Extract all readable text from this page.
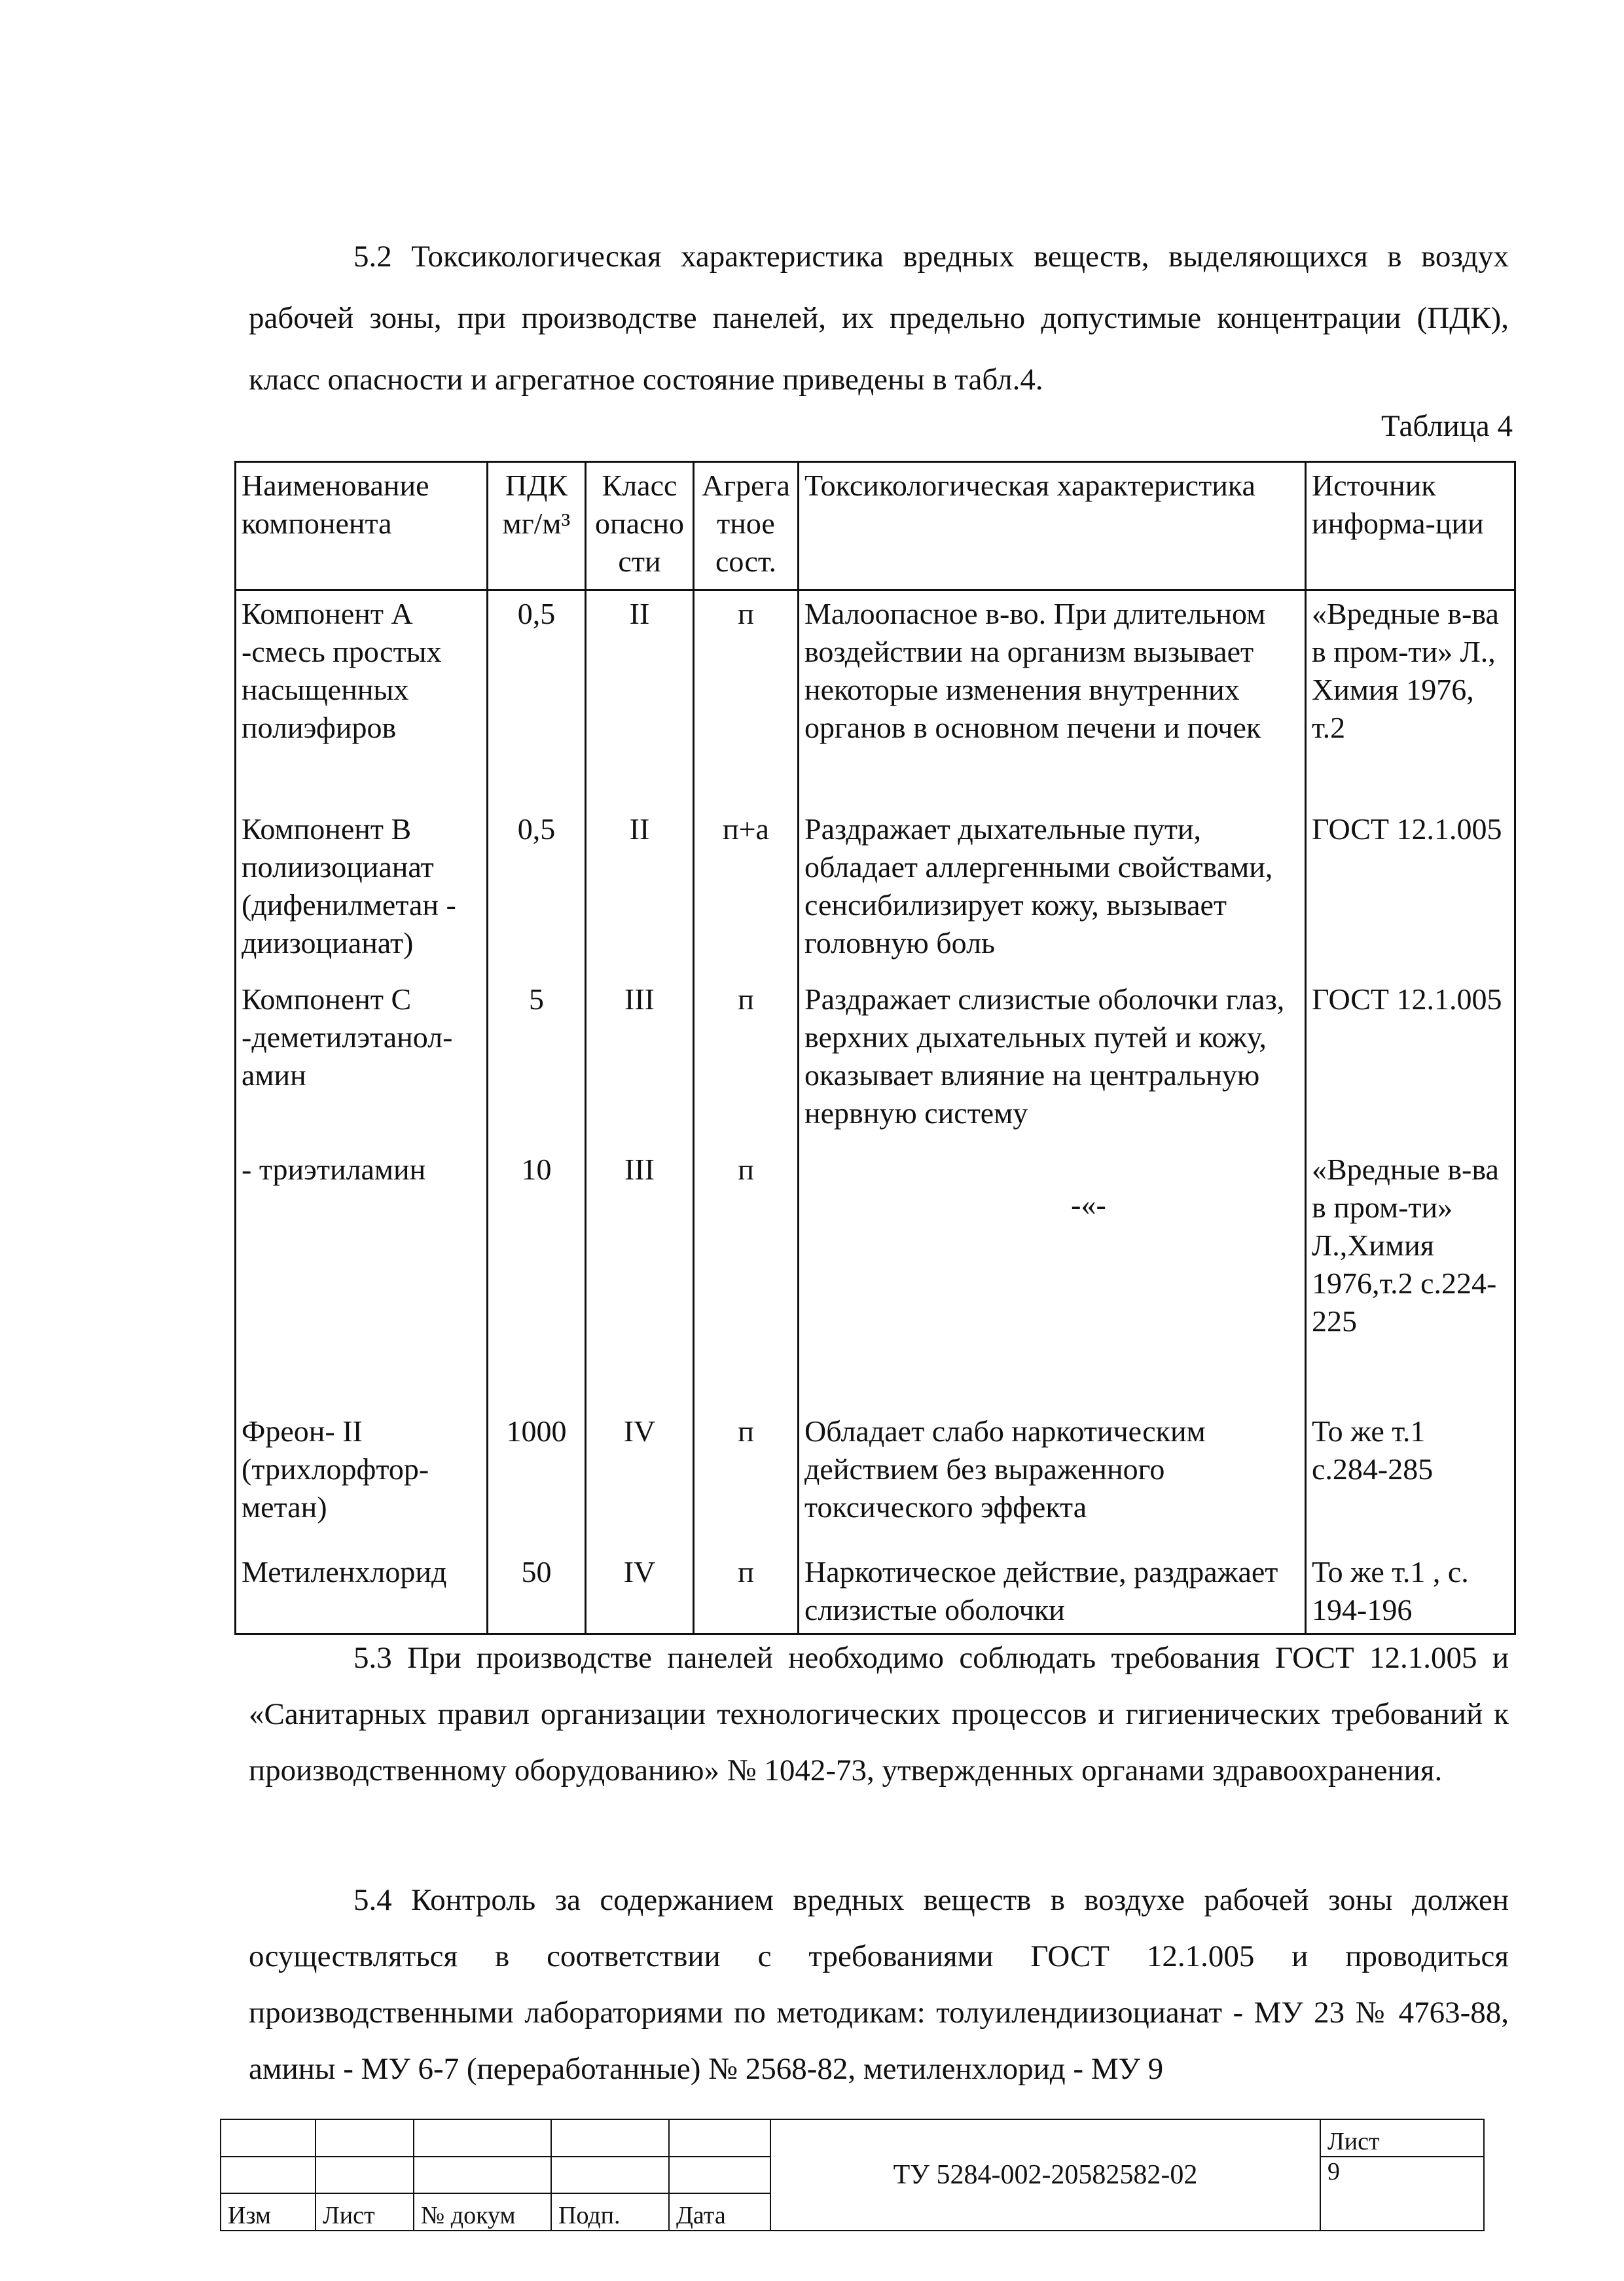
5.2 Токсикологическая характеристика вредных веществ, выделяющихся в воздух рабочей зоны, при производстве панелей, их предельно допустимые концентрации (ПДК), класс опасности и агрегатное состояние приведены в табл.4.
Таблица 4
Наименование компонента	ПДК мг/м³	Класс опасно сти	Агрега тное сост.	Токсикологическая характеристика	Источник информа-ции
Компонент А -смесь простых насыщенных полиэфиров	0,5	II	п	Малоопасное в-во. При длительном воздействии на организм вызывает некоторые изменения внутренних органов в основном печени и почек	«Вредные в-ва в пром-ти» Л., Химия 1976, т.2
Компонент В полиизоцианат (дифенилметан - диизоцианат)	0,5	II	п+а	Раздражает дыхательные пути, обладает аллергенными свойствами, сенсибилизирует кожу, вызывает головную боль	ГОСТ 12.1.005
Компонент С -деметилэтанол-амин	5	III	п	Раздражает слизистые оболочки глаз, верхних дыхательных путей и кожу, оказывает влияние на центральную нервную систему	ГОСТ 12.1.005
- триэтиламин	10	III	п	-«-	«Вредные в-ва в пром-ти» Л.,Химия 1976,т.2 с.224-225
Фреон- II (трихлорфтор-метан)	1000	IV	п	Обладает слабо наркотическим действием без выраженного токсического эффекта	То же т.1 с.284-285
Метиленхлорид	50	IV	п	Наркотическое действие, раздражает слизистые оболочки	То же т.1 , с. 194-196
5.3 При производстве панелей необходимо соблюдать требования ГОСТ 12.1.005 и «Санитарных правил организации технологических процессов и гигиенических требований к производственному оборудованию» № 1042-73, утвержденных органами здравоохранения.
5.4 Контроль за содержанием вредных веществ в воздухе рабочей зоны должен осуществляться в соответствии с требованиями ГОСТ 12.1.005 и проводиться производственными лабораториями по методикам: толуилендиизоцианат - МУ 23 № 4763-88, амины - МУ 6-7 (переработанные) № 2568-82, метиленхлорид - МУ 9
					ТУ 5284-002-20582582-02	Лист
						9
Изм	Лист	№ докум	Подп.	Дата		
